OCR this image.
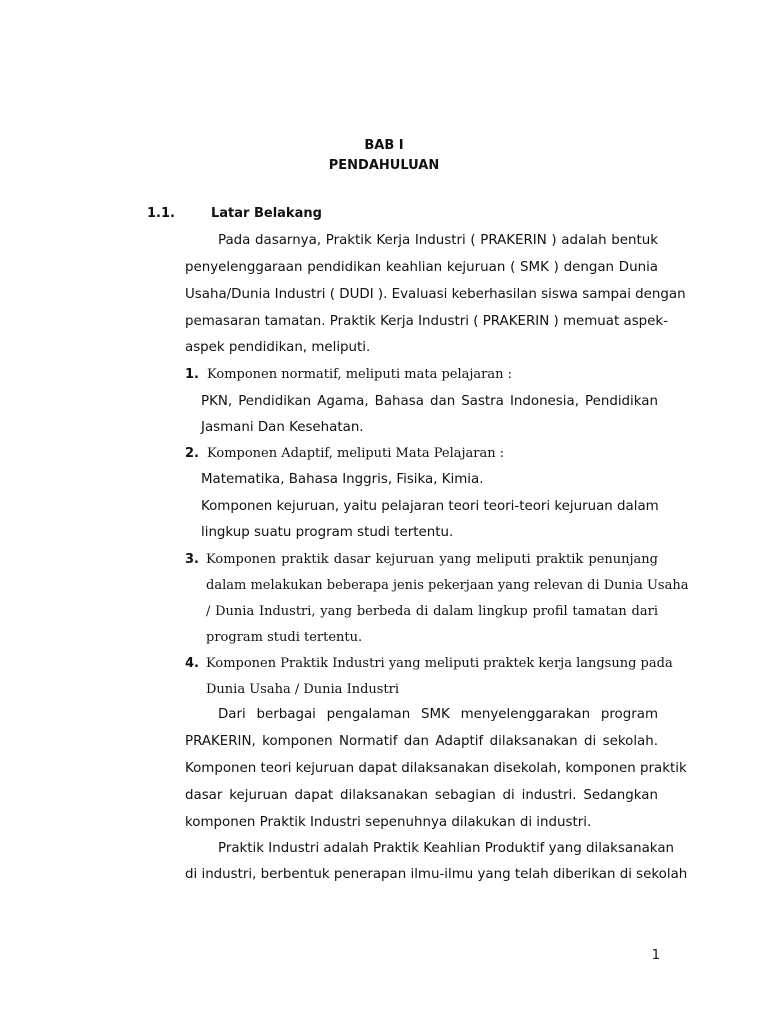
BAB I
PENDAHULUAN
1.1.	Latar Belakang
Pada dasarnya, Praktik Kerja Industri ( PRAKERIN ) adalah bentuk
penyelenggaraan pendidikan keahlian kejuruan ( SMK ) dengan Dunia
Usaha/Dunia Industri ( DUDI ). Evaluasi keberhasilan siswa sampai dengan
pemasaran tamatan. Praktik Kerja Industri ( PRAKERIN ) memuat aspek-
aspek pendidikan, meliputi.
1. Komponen normatif, meliputi mata pelajaran :
PKN, Pendidikan Agama, Bahasa dan Sastra Indonesia, Pendidikan
Jasmani Dan Kesehatan.
2. Komponen Adaptif, meliputi Mata Pelajaran :
Matematika, Bahasa Inggris, Fisika, Kimia.
Komponen kejuruan, yaitu pelajaran teori teori-teori kejuruan dalam
lingkup suatu program studi tertentu.
3. Komponen praktik dasar kejuruan yang meliputi praktik penunjang
dalam melakukan beberapa jenis pekerjaan yang relevan di Dunia Usaha
/ Dunia Industri, yang berbeda di dalam lingkup profil tamatan dari
program studi tertentu.
4. Komponen Praktik Industri yang meliputi praktek kerja langsung pada
Dunia Usaha / Dunia Industri
Dari berbagai pengalaman SMK menyelenggarakan program
PRAKERIN, komponen Normatif dan Adaptif dilaksanakan di sekolah.
Komponen teori kejuruan dapat dilaksanakan disekolah, komponen praktik
dasar kejuruan dapat dilaksanakan sebagian di industri. Sedangkan
komponen Praktik Industri sepenuhnya dilakukan di industri.
Praktik Industri adalah Praktik Keahlian Produktif yang dilaksanakan
di industri, berbentuk penerapan ilmu-ilmu yang telah diberikan di sekolah
1
